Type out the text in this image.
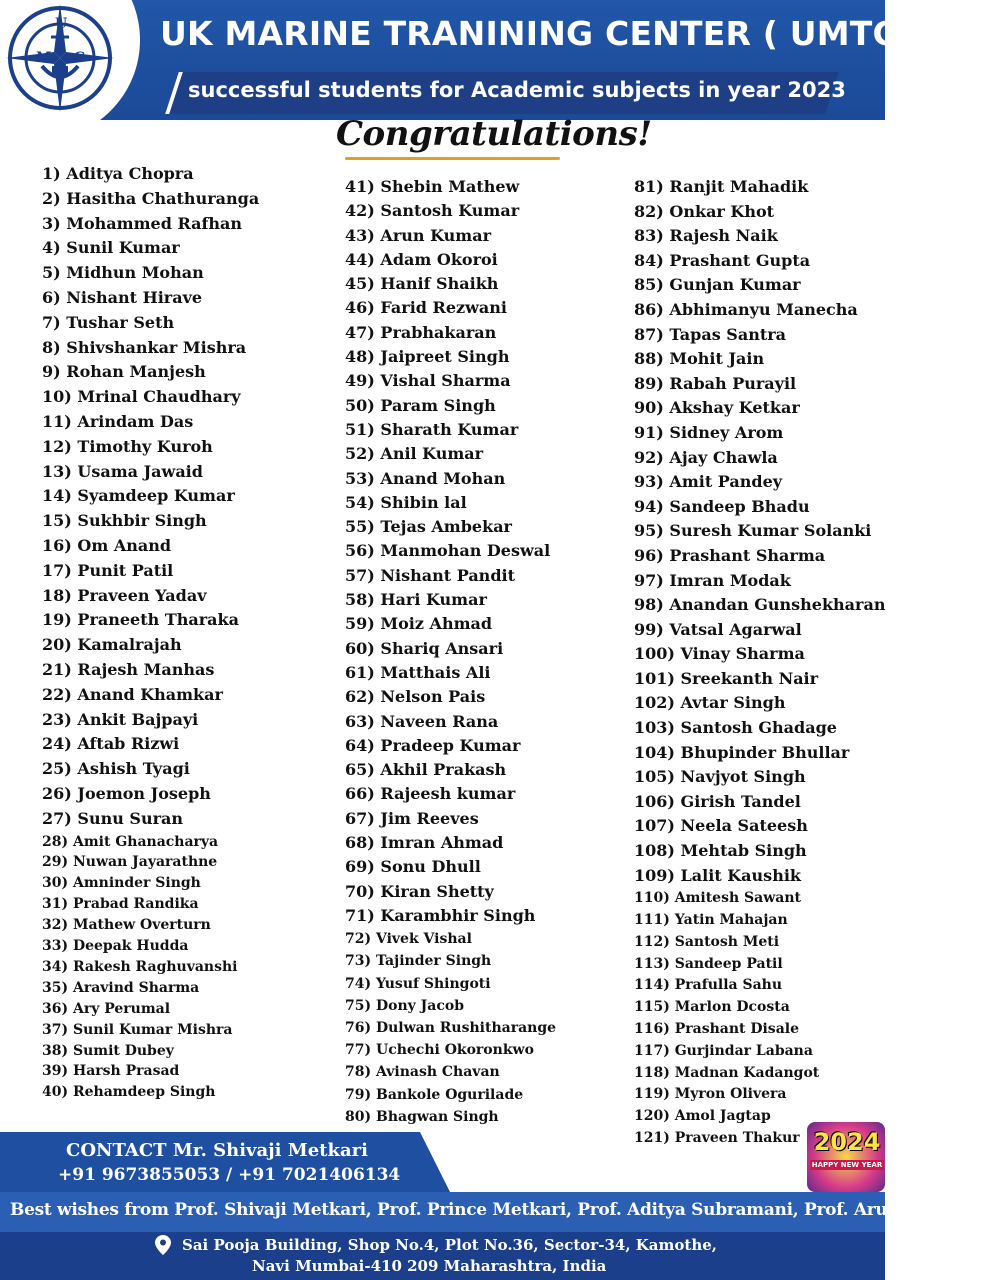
M
U
C
UK MARINE TRANINING CENTER ( UMTC)
successful students for Academic subjects in year 2023
Congratulations!
1) Aditya Chopra
2) Hasitha Chathuranga
3) Mohammed Rafhan
4) Sunil Kumar
5) Midhun Mohan
6) Nishant Hirave
7) Tushar Seth
8) Shivshankar Mishra
9) Rohan Manjesh
10) Mrinal Chaudhary
11) Arindam Das
12) Timothy Kuroh
13) Usama Jawaid
14) Syamdeep Kumar
15) Sukhbir Singh
16) Om Anand
17) Punit Patil
18) Praveen Yadav
19) Praneeth Tharaka
20) Kamalrajah
21) Rajesh Manhas
22) Anand Khamkar
23) Ankit Bajpayi
24) Aftab Rizwi
25) Ashish Tyagi
26) Joemon Joseph
27) Sunu Suran
28) Amit Ghanacharya
29) Nuwan Jayarathne
30) Amninder Singh
31) Prabad Randika
32) Mathew Overturn
33) Deepak Hudda
34) Rakesh Raghuvanshi
35) Aravind Sharma
36) Ary Perumal
37) Sunil Kumar Mishra
38) Sumit Dubey
39) Harsh Prasad
40) Rehamdeep Singh
41) Shebin Mathew
42) Santosh Kumar
43) Arun Kumar
44) Adam Okoroi
45) Hanif Shaikh
46) Farid Rezwani
47) Prabhakaran
48) Jaipreet Singh
49) Vishal Sharma
50) Param Singh
51) Sharath Kumar
52) Anil Kumar
53) Anand Mohan
54) Shibin lal
55) Tejas Ambekar
56) Manmohan Deswal
57) Nishant Pandit
58) Hari Kumar
59) Moiz Ahmad
60) Shariq Ansari
61) Matthais Ali
62) Nelson Pais
63) Naveen Rana
64) Pradeep Kumar
65) Akhil Prakash
66) Rajeesh kumar
67) Jim Reeves
68) Imran Ahmad
69) Sonu Dhull
70) Kiran Shetty
71) Karambhir Singh
72) Vivek Vishal
73) Tajinder Singh
74) Yusuf Shingoti
75) Dony Jacob
76) Dulwan Rushitharange
77) Uchechi Okoronkwo
78) Avinash Chavan
79) Bankole Ogurilade
80) Bhagwan Singh
81) Ranjit Mahadik
82) Onkar Khot
83) Rajesh Naik
84) Prashant Gupta
85) Gunjan Kumar
86) Abhimanyu Manecha
87) Tapas Santra
88) Mohit Jain
89) Rabah Purayil
90) Akshay Ketkar
91) Sidney Arom
92) Ajay Chawla
93) Amit Pandey
94) Sandeep Bhadu
95) Suresh Kumar Solanki
96) Prashant Sharma
97) Imran Modak
98) Anandan Gunshekharan
99) Vatsal Agarwal
100) Vinay Sharma
101) Sreekanth Nair
102) Avtar Singh
103) Santosh Ghadage
104) Bhupinder Bhullar
105) Navjyot Singh
106) Girish Tandel
107) Neela Sateesh
108) Mehtab Singh
109) Lalit Kaushik
110) Amitesh Sawant
111) Yatin Mahajan
112) Santosh Meti
113) Sandeep Patil
114) Prafulla Sahu
115) Marlon Dcosta
116) Prashant Disale
117) Gurjindar Labana
118) Madnan Kadangot
119) Myron Olivera
120) Amol Jagtap
121) Praveen Thakur
CONTACT Mr. Shivaji Metkari
+91 9673855053 / +91 7021406134
2024
HAPPY NEW YEAR
Best wishes from Prof. Shivaji Metkari, Prof. Prince Metkari, Prof. Aditya Subramani, Prof. Arun Trimukhe.
Sai Pooja Building, Shop No.4, Plot No.36, Sector-34, Kamothe,
Navi Mumbai-410 209 Maharashtra, India
